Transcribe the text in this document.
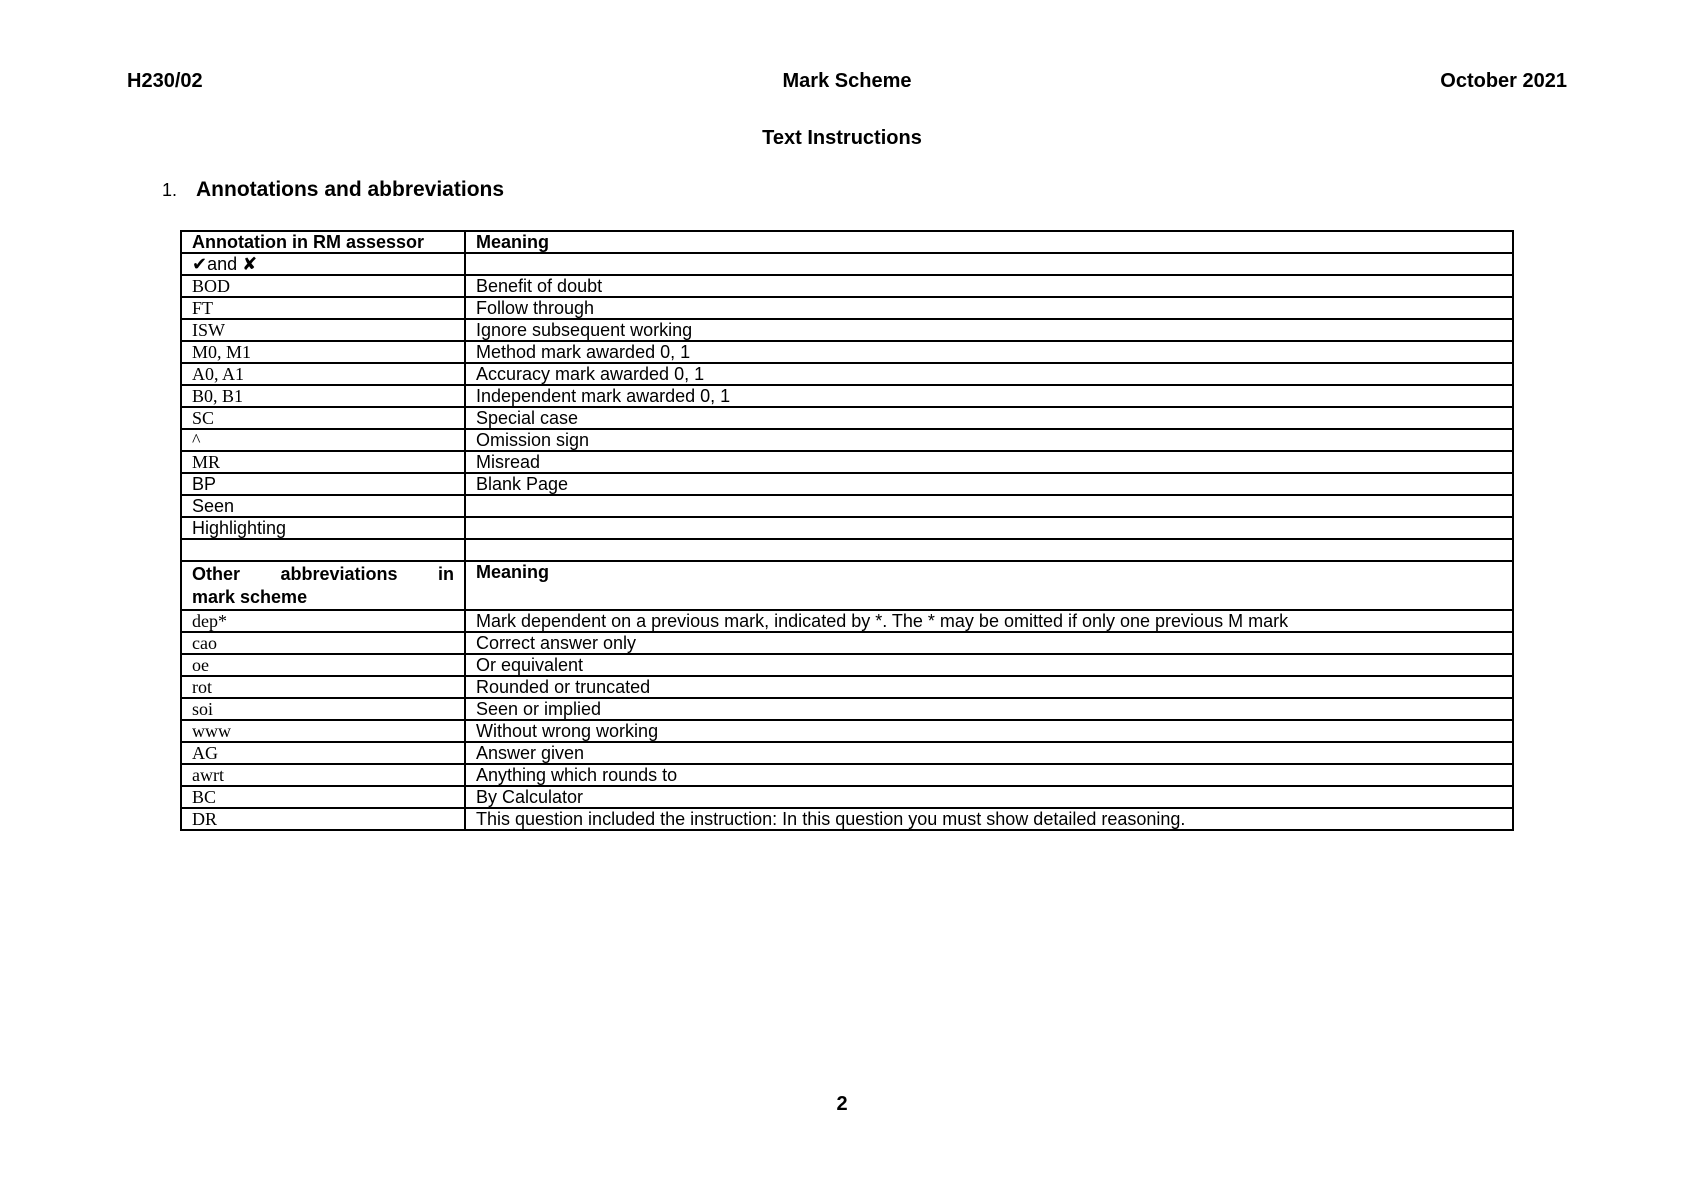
Mark Scheme
H230/02	October 2021
Text Instructions
1. Annotations and abbreviations
Annotation in RM assessor	Meaning
✔and ✘	
BOD	Benefit of doubt
FT	Follow through
ISW	Ignore subsequent working
M0, M1	Method mark awarded 0, 1
A0, A1	Accuracy mark awarded 0, 1
B0, B1	Independent mark awarded 0, 1
SC	Special case
^	Omission sign
MR	Misread
BP	Blank Page
Seen	
Highlighting	

Other abbreviations in
mark scheme	Meaning
dep*	Mark dependent on a previous mark, indicated by *. The * may be omitted if only one previous M mark
cao	Correct answer only
oe	Or equivalent
rot	Rounded or truncated
soi	Seen or implied
www	Without wrong working
AG	Answer given
awrt	Anything which rounds to
BC	By Calculator
DR	This question included the instruction: In this question you must show detailed reasoning.
2
